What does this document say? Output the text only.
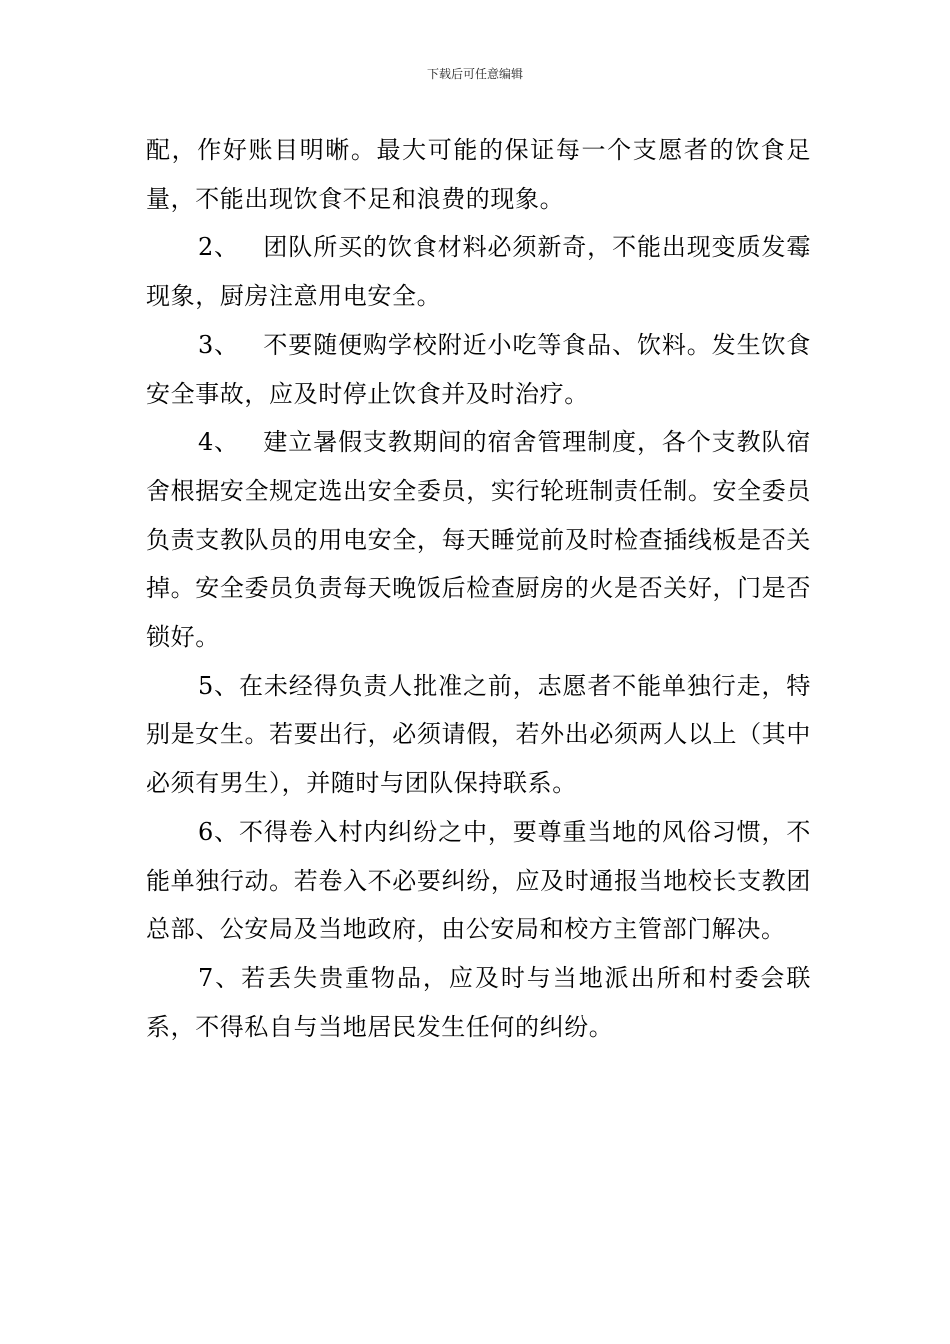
下载后可任意编辑

配，作好账目明晰。最大可能的保证每一个支愿者的饮食足量，不能出现饮食不足和浪费的现象。

2、 团队所买的饮食材料必须新奇，不能出现变质发霉现象，厨房注意用电安全。

3、 不要随便购学校附近小吃等食品、饮料。发生饮食安全事故，应及时停止饮食并及时治疗。

4、 建立暑假支教期间的宿舍管理制度，各个支教队宿舍根据安全规定选出安全委员，实行轮班制责任制。安全委员负责支教队员的用电安全，每天睡觉前及时检查插线板是否关掉。安全委员负责每天晚饭后检查厨房的火是否关好，门是否锁好。

5、在未经得负责人批准之前，志愿者不能单独行走，特别是女生。若要出行，必须请假，若外出必须两人以上（其中必须有男生），并随时与团队保持联系。

6、不得卷入村内纠纷之中，要尊重当地的风俗习惯，不能单独行动。若卷入不必要纠纷，应及时通报当地校长支教团总部、公安局及当地政府，由公安局和校方主管部门解决。

7、若丢失贵重物品，应及时与当地派出所和村委会联系，不得私自与当地居民发生任何的纠纷。
